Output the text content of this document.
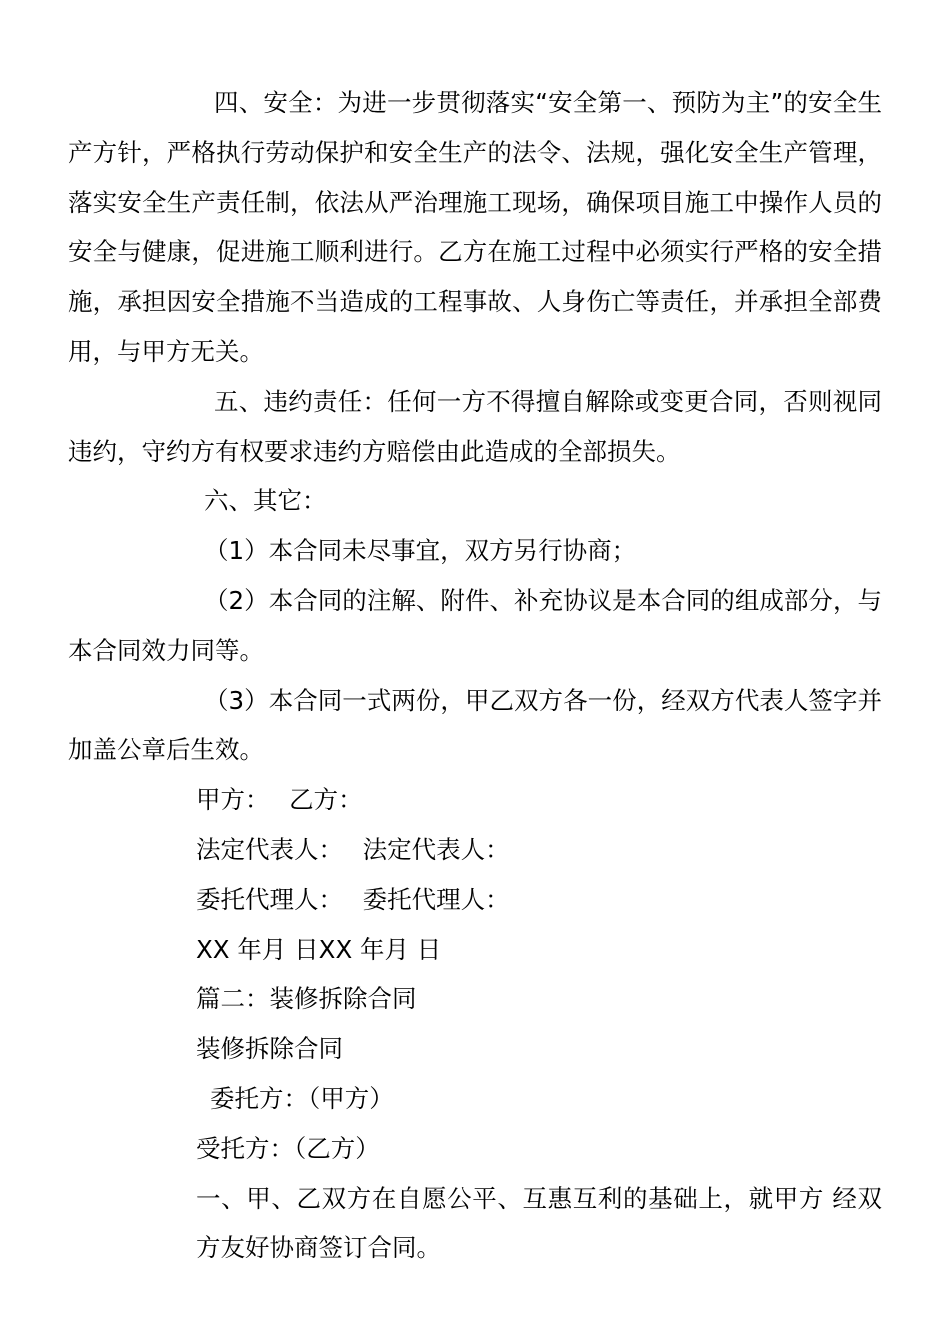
四、安全：为进一步贯彻落实“安全第一、预防为主”的安全生产方针，严格执行劳动保护和安全生产的法令、法规，强化安全生产管理，落实安全生产责任制，依法从严治理施工现场，确保项目施工中操作人员的安全与健康，促进施工顺利进行。乙方在施工过程中必须实行严格的安全措施，承担因安全措施不当造成的工程事故、人身伤亡等责任，并承担全部费用，与甲方无关。

五、违约责任：任何一方不得擅自解除或变更合同，否则视同违约，守约方有权要求违约方赔偿由此造成的全部损失。

六、其它：

（1）本合同未尽事宜，双方另行协商；

（2）本合同的注解、附件、补充协议是本合同的组成部分，与本合同效力同等。

（3）本合同一式两份，甲乙双方各一份，经双方代表人签字并加盖公章后生效。

甲方： 乙方：

法定代表人： 法定代表人：

委托代理人： 委托代理人：

XX 年月 日XX 年月 日

篇二：装修拆除合同

装修拆除合同

委托方：（甲方）

受托方：（乙方）

一、甲、乙双方在自愿公平、互惠互利的基础上，就甲方 经双方友好协商签订合同。
